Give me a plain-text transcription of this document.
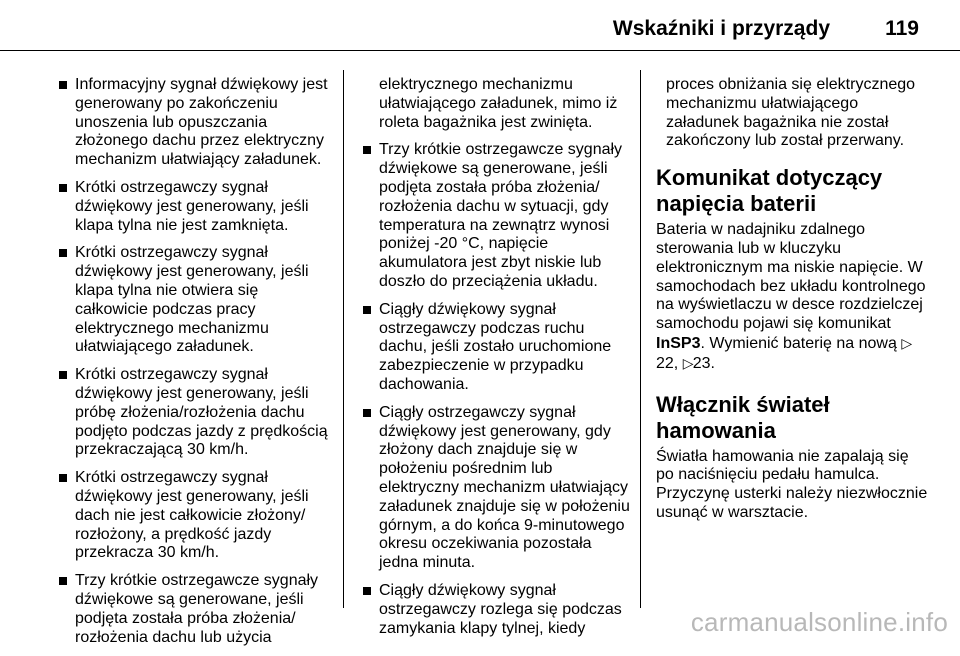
Wskaźniki i przyrządy	119
Informacyjny sygnał dźwiękowy jest generowany po zakończeniu unoszenia lub opuszczania złożonego dachu przez elektryczny mechanizm ułatwiający załadunek.
Krótki ostrzegawczy sygnał dźwiękowy jest generowany, jeśli klapa tylna nie jest zamknięta.
Krótki ostrzegawczy sygnał dźwiękowy jest generowany, jeśli klapa tylna nie otwiera się całkowicie podczas pracy elektrycznego mechanizmu ułatwiającego załadunek.
Krótki ostrzegawczy sygnał dźwiękowy jest generowany, jeśli próbę złożenia/rozłożenia dachu podjęto podczas jazdy z prędkością przekraczającą 30 km/h.
Krótki ostrzegawczy sygnał dźwiękowy jest generowany, jeśli dach nie jest całkowicie złożony/ rozłożony, a prędkość jazdy przekracza 30 km/h.
Trzy krótkie ostrzegawcze sygnały dźwiękowe są generowane, jeśli podjęta została próba złożenia/ rozłożenia dachu lub użycia
elektrycznego mechanizmu ułatwiającego załadunek, mimo iż roleta bagażnika jest zwinięta.
Trzy krótkie ostrzegawcze sygnały dźwiękowe są generowane, jeśli podjęta została próba złożenia/ rozłożenia dachu w sytuacji, gdy temperatura na zewnątrz wynosi poniżej -20 °C, napięcie akumulatora jest zbyt niskie lub doszło do przeciążenia układu.
Ciągły dźwiękowy sygnał ostrzegawczy podczas ruchu dachu, jeśli zostało uruchomione zabezpieczenie w przypadku dachowania.
Ciągły ostrzegawczy sygnał dźwiękowy jest generowany, gdy złożony dach znajduje się w położeniu pośrednim lub elektryczny mechanizm ułatwiający załadunek znajduje się w położeniu górnym, a do końca 9-minutowego okresu oczekiwania pozostała jedna minuta.
Ciągły dźwiękowy sygnał ostrzegawczy rozlega się podczas zamykania klapy tylnej, kiedy
proces obniżania się elektrycznego mechanizmu ułatwiającego załadunek bagażnika nie został zakończony lub został przerwany.
Komunikat dotyczący napięcia baterii

Bateria w nadajniku zdalnego sterowania lub w kluczyku elektronicznym ma niskie napięcie. W samochodach bez układu kontrolnego na wyświetlaczu w desce rozdzielczej samochodu pojawi się komunikat InSP3. Wymienić baterię na nową ▷22, ▷23.

Włącznik świateł hamowania

Światła hamowania nie zapalają się po naciśnięciu pedału hamulca. Przyczynę usterki należy niezwłocznie usunąć w warsztacie.

carmanualsonline.info
